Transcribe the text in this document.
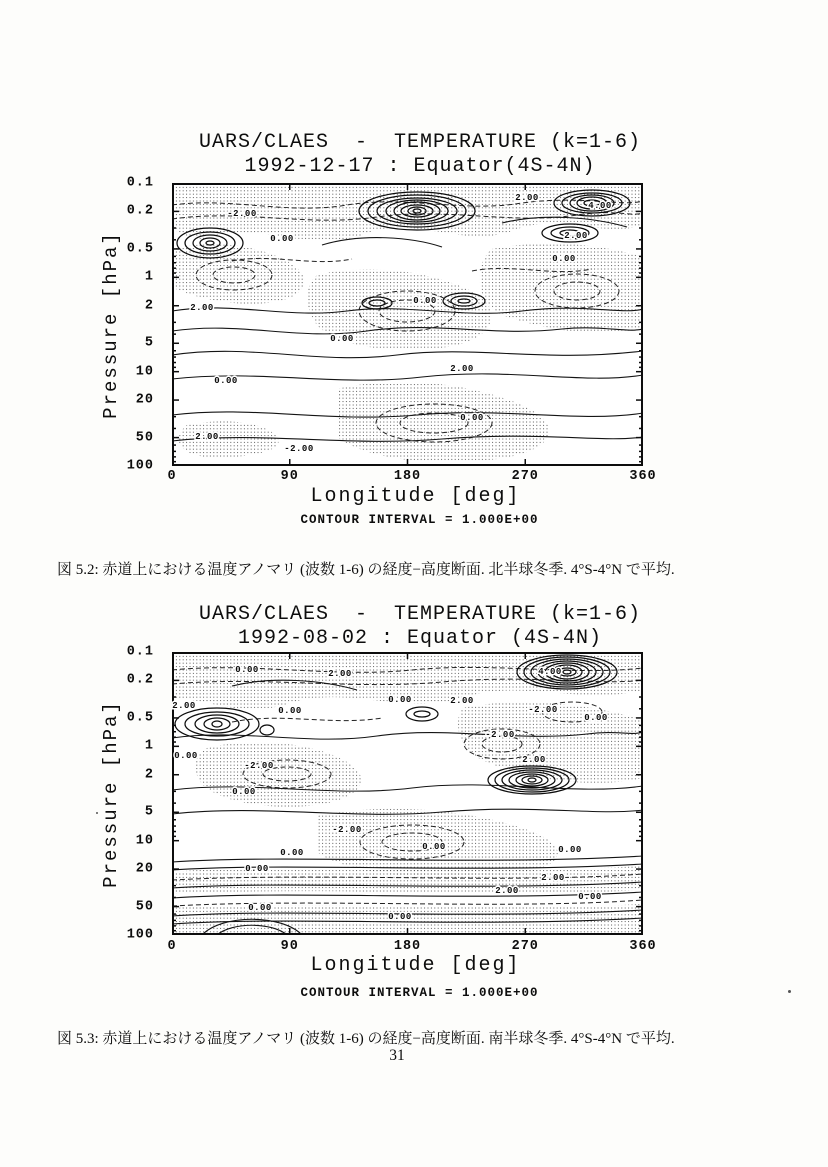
UARS/CLAES  -  TEMPERATURE (k=1-6)
1992-12-17 : Equator(4S-4N)
Pressure [hPa]
0.1
0.2
0.5
1
2
5
10
20
50
100
-2.00
0.00
2.00
4.00
2.00
0.00
2.00
0.00
0.00
0.00
2.00
0.00
-2.00
2.00
0	90	180	270	360
Longitude [deg]
CONTOUR INTERVAL = 1.000E+00

図 5.2: 赤道上における温度アノマリ (波数 1-6) の経度−高度断面. 北半球冬季. 4°S-4°N で平均.

UARS/CLAES  -  TEMPERATURE (k=1-6)
1992-08-02 : Equator (4S-4N)
Pressure [hPa]
0.1
0.2
0.5
1
2
5
10
20
50
100
0.00	2.00
0.00
2.00	0.00
4.00
-2.00
0.00
2.00
-2.00
0.00
-2.00
2.00
0.00
-2.00
0.00
0.00	0.00
2.00
2.00
0.00
0.00
0.00
0.00
0	90	180	270	360
Longitude [deg]
CONTOUR INTERVAL = 1.000E+00

図 5.3: 赤道上における温度アノマリ (波数 1-6) の経度−高度断面. 南半球冬季. 4°S-4°N で平均.

31
